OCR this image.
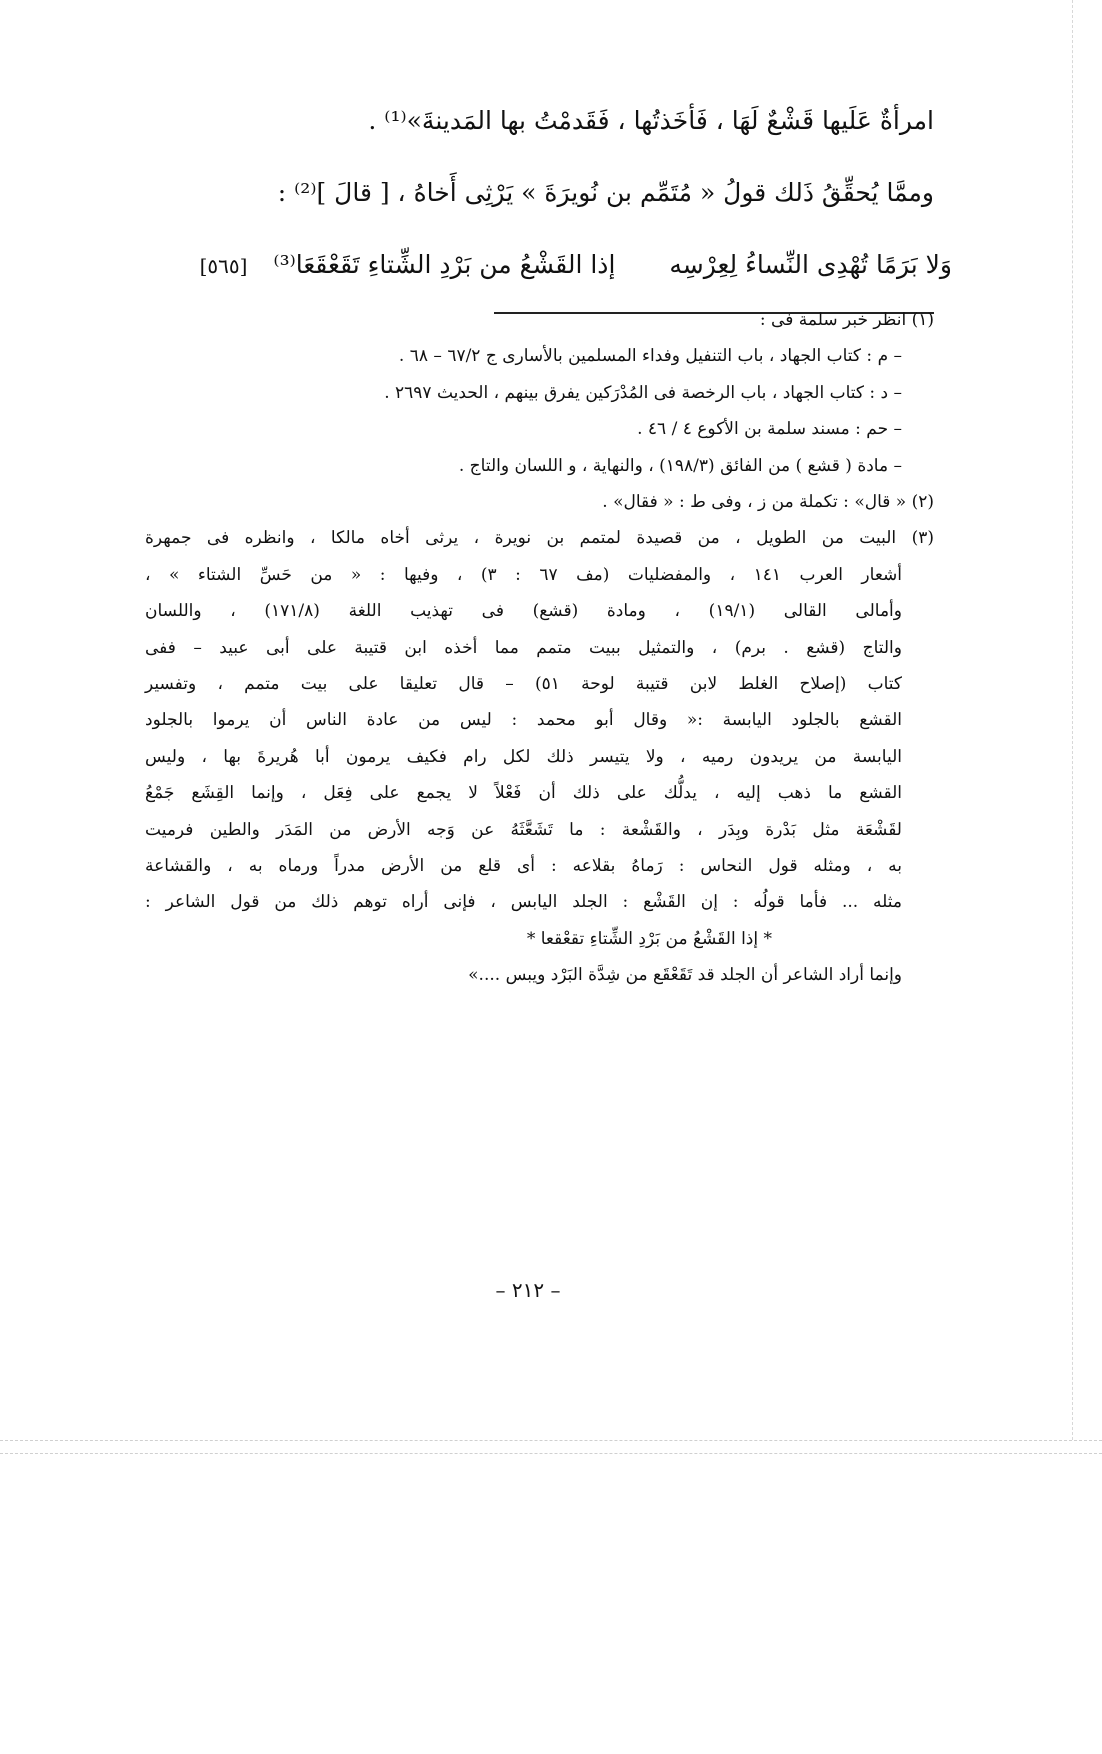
امرأةٌ عَلَيها قَشْعٌ لَهَا ، فَأخَذتُها ، فَقَدمْتُ بها المَدينةَ»⁽¹⁾ .
وممَّا يُحقِّقُ ذَلك قولُ « مُتَمِّم بن نُويرَةَ » يَرْثِى أَخاهُ ، [ قالَ ]⁽²⁾ :
وَلا بَرَمًا تُهْدِى النِّساءُ لِعِرْسِه إذا القَشْعُ من بَرْدِ الشِّتاءِ تَقَعْقَعَا⁽³⁾ [٥٦٥]
(١) انظر خبر سلمة فى :
– م : كتاب الجهاد ، باب التنفيل وفداء المسلمين بالأسارى ج ٦٧/٢ – ٦٨ .
– د : كتاب الجهاد ، باب الرخصة فى المُدْرَكين يفرق بينهم ، الحديث ٢٦٩٧ .
– حم : مسند سلمة بن الأكوع ٤ / ٤٦ .
– مادة ( قشع ) من الفائق (١٩٨/٣) ، والنهاية ، و اللسان والتاج .
(٢) « قال» : تكملة من ز ، وفى ط : « فقال» .
(٣) البيت من الطويل ، من قصيدة لمتمم بن نويرة ، يرثى أخاه مالكا ، وانظره فى جمهرة
أشعار العرب ١٤١ ، والمفضليات (مف ٦٧ : ٣) ، وفيها : « من حَسِّ الشتاء » ،
وأمالى القالى (١٩/١) ، ومادة (قشع) فى تهذيب اللغة (١٧١/٨) ، واللسان
والتاج (قشع . برم) ، والتمثيل ببيت متمم مما أخذه ابن قتيبة على أبى عبيد – ففى
كتاب (إصلاح الغلط لابن قتيبة لوحة ٥١) – قال تعليقا على بيت متمم ، وتفسير
القشع بالجلود اليابسة :« وقال أبو محمد : ليس من عادة الناس أن يرموا بالجلود
اليابسة من يريدون رميه ، ولا يتيسر ذلك لكل رام فكيف يرمون أبا هُريرةَ بها ، وليس
القشع ما ذهب إليه ، يدلُّك على ذلك أن فَعْلاً لا يجمع على فِعَل ، وإنما القِشَع جَمْعُ
لقَشْعَة مثل بَدْرة وبِدَر ، والقَشْعة : ما تَشَعَّثَهُ عن وَجه الأرض من المَدَر والطين فرميت
به ، ومثله قول النحاس : رَماهُ بقلاعه : أى قلع من الأرض مدراً ورماه به ، والقشاعة
مثله ... فأما قولُه : إن القَشْع : الجلد اليابس ، فإنى أراه توهم ذلك من قول الشاعر :
* إذا القَشْعُ من بَرْدِ الشِّتاءِ تقعْقعا *
وإنما أراد الشاعر أن الجلد قد تَقَعْقَع من شِدَّة البَرْد ويبس ....»
– ٢١٢ –
